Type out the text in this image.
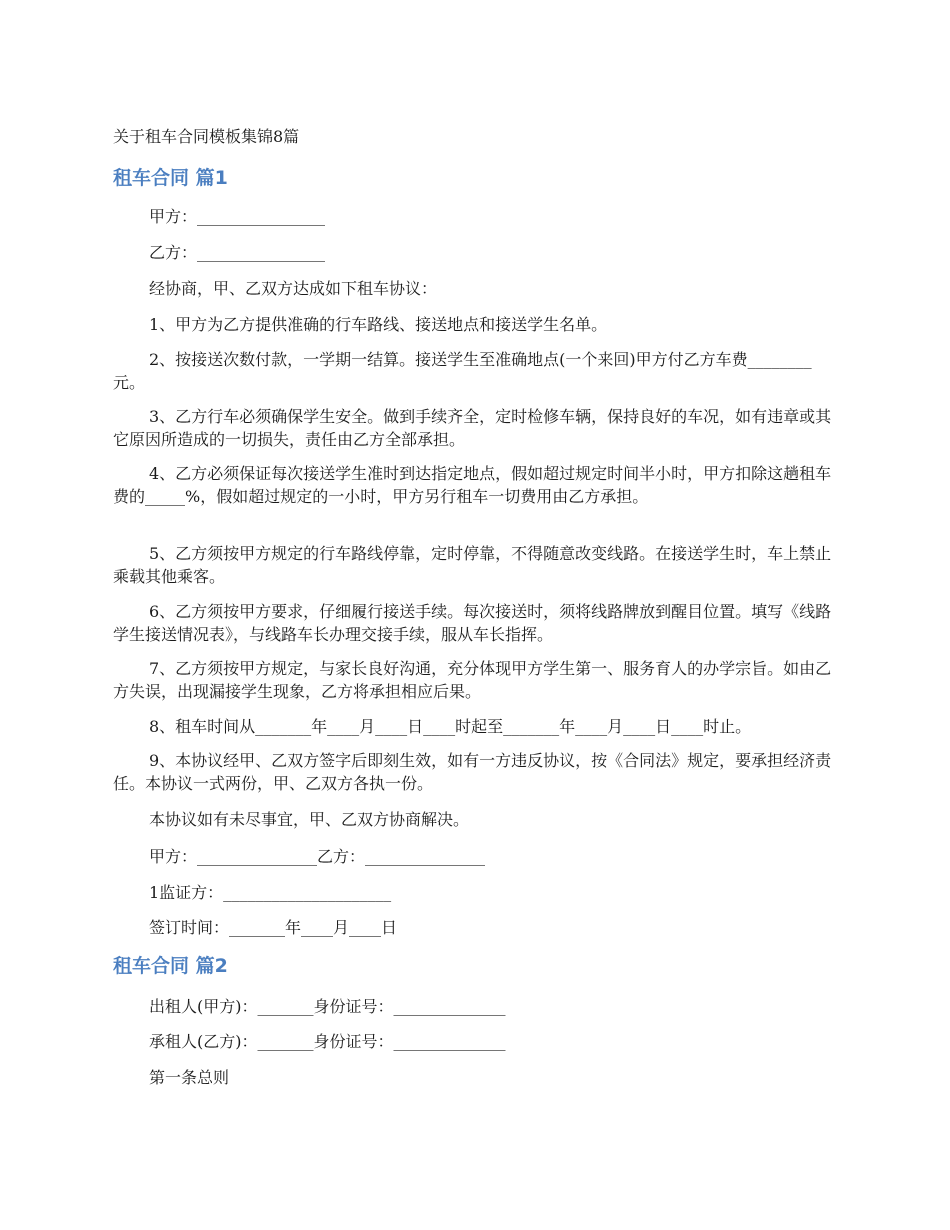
关于租车合同模板集锦8篇
租车合同 篇1
甲方：________________
乙方：________________
经协商，甲、乙双方达成如下租车协议：

1、甲方为乙方提供准确的行车路线、接送地点和接送学生名单。

2、按接送次数付款，一学期一结算。接送学生至准确地点(一个来回)甲方付乙方车费________元。

3、乙方行车必须确保学生安全。做到手续齐全，定时检修车辆，保持良好的车况，如有违章或其它原因所造成的一切损失，责任由乙方全部承担。

4、乙方必须保证每次接送学生准时到达指定地点，假如超过规定时间半小时，甲方扣除这趟租车费的_____%，假如超过规定的一小时，甲方另行租车一切费用由乙方承担。

5、乙方须按甲方规定的行车路线停靠，定时停靠，不得随意改变线路。在接送学生时，车上禁止乘载其他乘客。

6、乙方须按甲方要求，仔细履行接送手续。每次接送时，须将线路牌放到醒目位置。填写《线路学生接送情况表》，与线路车长办理交接手续，服从车长指挥。

7、乙方须按甲方规定，与家长良好沟通，充分体现甲方学生第一、服务育人的办学宗旨。如由乙方失误，出现漏接学生现象，乙方将承担相应后果。

8、租车时间从_______年____月____日____时起至_______年____月____日____时止。

9、本协议经甲、乙双方签字后即刻生效，如有一方违反协议，按《合同法》规定，要承担经济责任。本协议一式两份，甲、乙双方各执一份。

本协议如有未尽事宜，甲、乙双方协商解决。
甲方：_______________乙方：_______________
1监证方：_____________________
签订时间：_______年____月____日
租车合同 篇2
出租人(甲方)：_______身份证号：______________
承租人(乙方)：_______身份证号：______________
第一条总则
